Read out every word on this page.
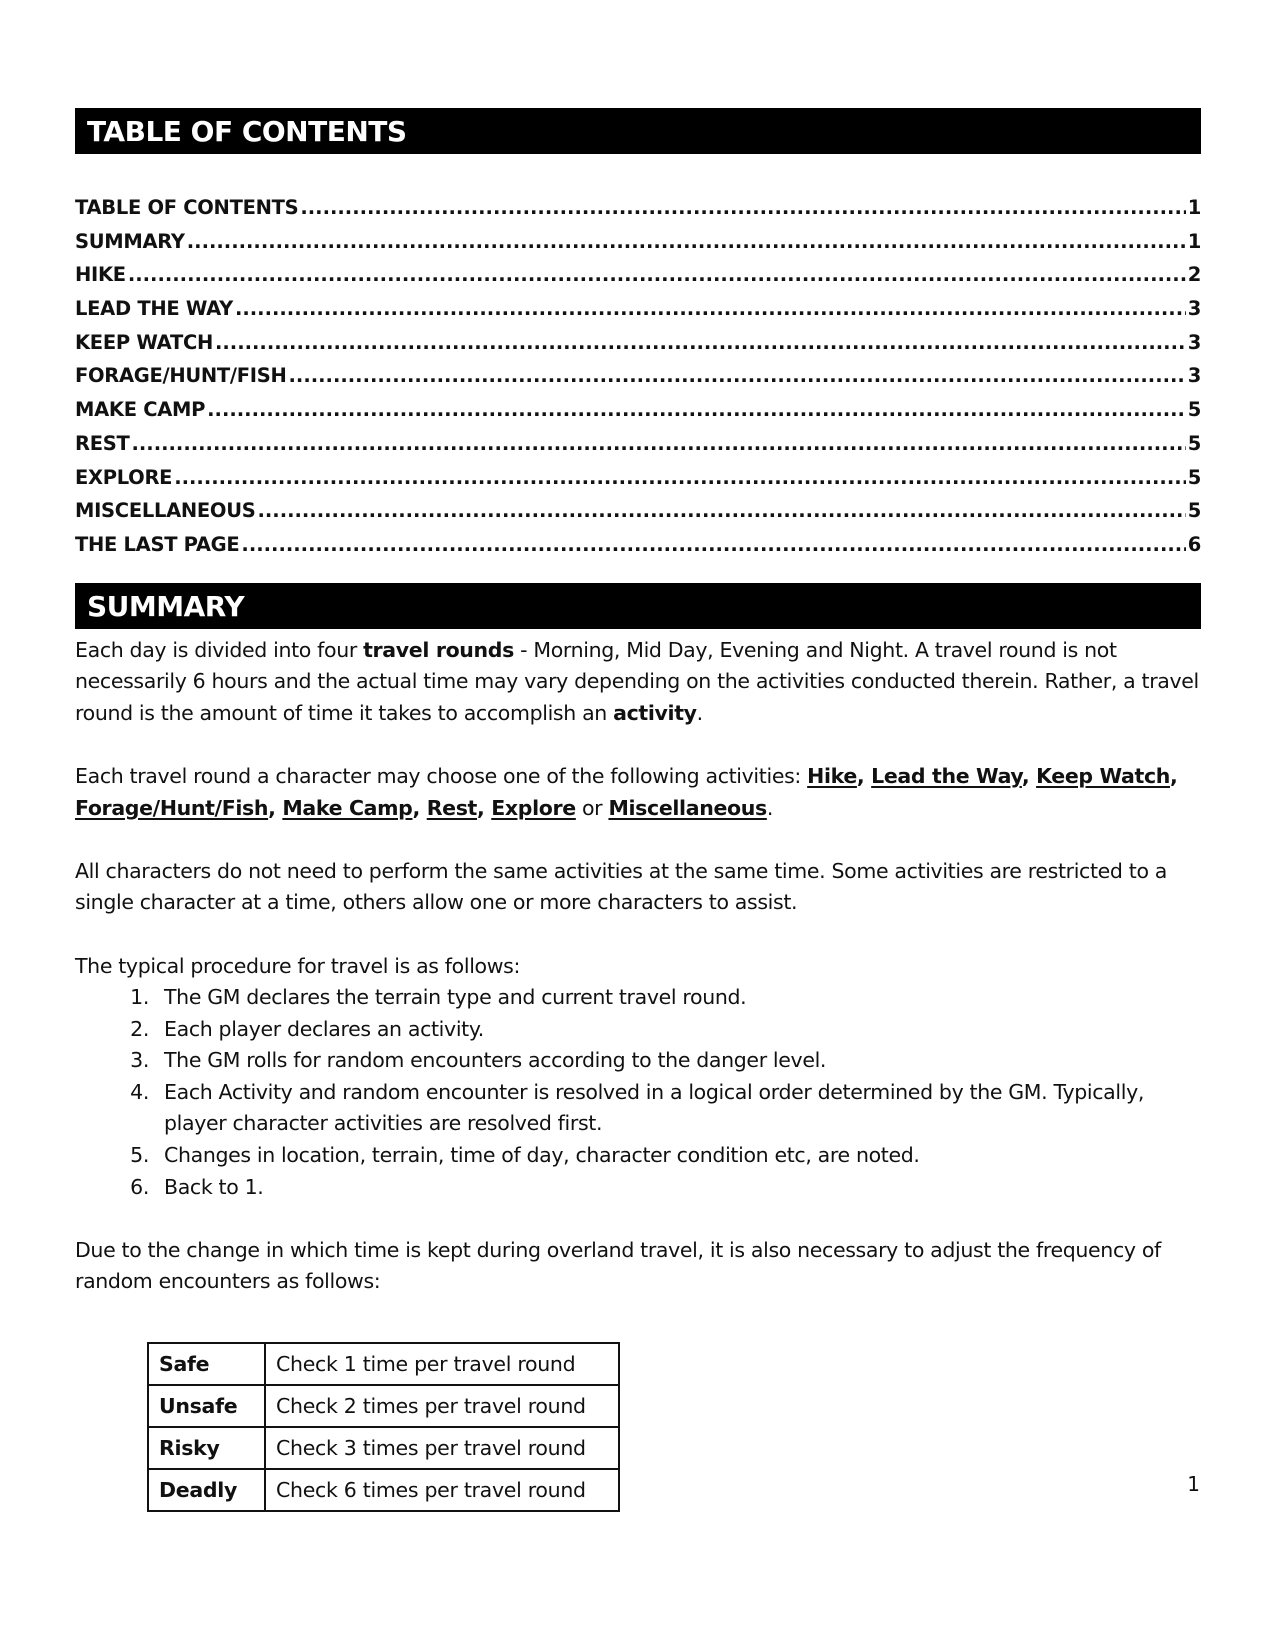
TABLE OF CONTENTS
TABLE OF CONTENTS .....	1
SUMMARY .....	1
HIKE .....	2
LEAD THE WAY .....	3
KEEP WATCH .....	3
FORAGE/HUNT/FISH .....	3
MAKE CAMP .....	5
REST .....	5
EXPLORE .....	5
MISCELLANEOUS .....	5
THE LAST PAGE .....	6
SUMMARY

Each day is divided into four travel rounds - Morning, Mid Day, Evening and Night. A travel round is not necessarily 6 hours and the actual time may vary depending on the activities conducted therein. Rather, a travel round is the amount of time it takes to accomplish an activity.

Each travel round a character may choose one of the following activities: Hike, Lead the Way, Keep Watch, Forage/Hunt/Fish, Make Camp, Rest, Explore or Miscellaneous.

All characters do not need to perform the same activities at the same time. Some activities are restricted to a single character at a time, others allow one or more characters to assist.

The typical procedure for travel is as follows:

1. The GM declares the terrain type and current travel round.
2. Each player declares an activity.
3. The GM rolls for random encounters according to the danger level.
4. Each Activity and random encounter is resolved in a logical order determined by the GM. Typically, player character activities are resolved first.
5. Changes in location, terrain, time of day, character condition etc, are noted.
6. Back to 1.

Due to the change in which time is kept during overland travel, it is also necessary to adjust the frequency of random encounters as follows:

Safe	Check 1 time per travel round
Unsafe	Check 2 times per travel round
Risky	Check 3 times per travel round
Deadly	Check 6 times per travel round	1
